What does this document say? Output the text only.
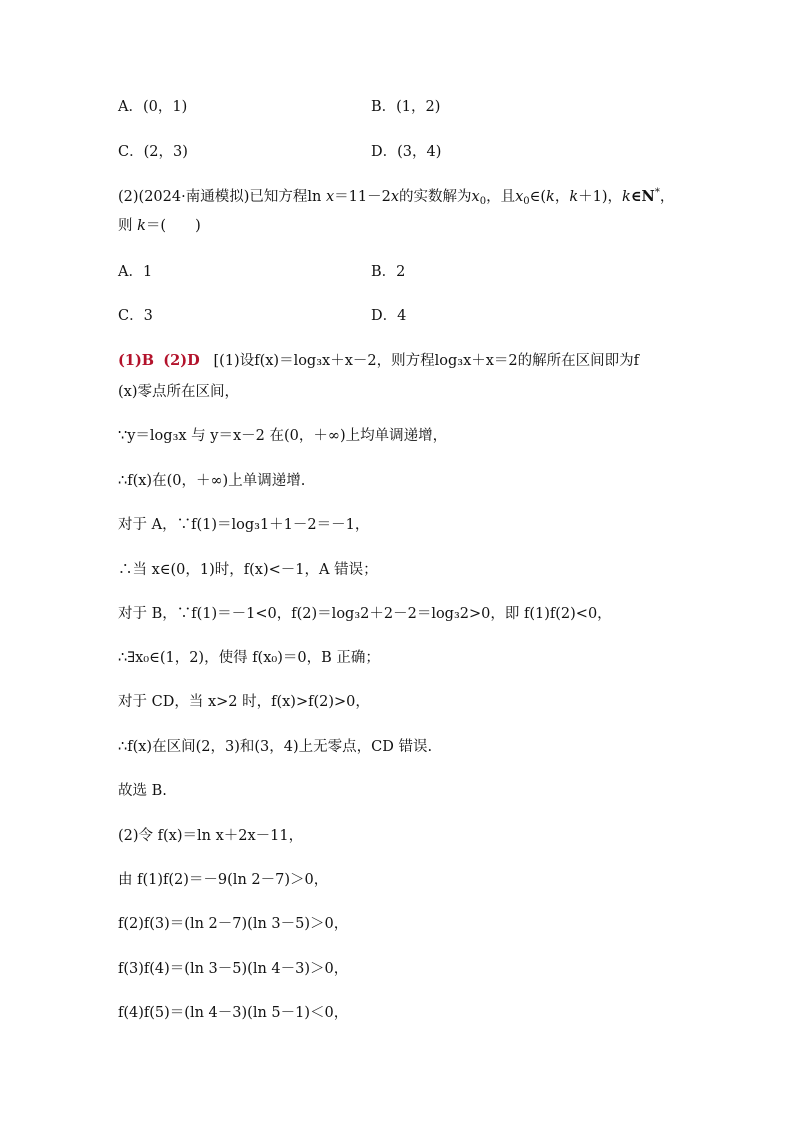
A．(0，1)	B．(1，2)
C．(2，3)	D．(3，4)
(2)(2024·南通模拟)已知方程ln x＝11－2x的实数解为$x_0$，且$x_0\in(k$，k＋1)，k∈N*，
则 k＝(　　)
A．1	B．2
C．3	D．4
(1)B (2)D [(1)设f(x)＝log₃x＋x－2，则方程log₃x＋x＝2的解所在区间即为f
(x)零点所在区间，
∵y＝log₃x 与 y＝x－2 在(0，＋∞)上均单调递增，
∴f(x)在(0，＋∞)上单调递增.
对于 A，∵f(1)＝log₃1＋1－2＝－1，
∴当 x∈(0，1)时，f(x)<－1，A 错误；
对于 B，∵f(1)＝－1<0，f(2)＝log₃2＋2－2＝log₃2>0，即 f(1)f(2)<0，
∴∃x₀∈(1，2)，使得 f(x₀)＝0，B 正确；
对于 CD，当 x>2 时，f(x)>f(2)>0，
∴f(x)在区间(2，3)和(3，4)上无零点，CD 错误.
故选 B.
(2)令 f(x)＝ln x＋2x－11，
由 f(1)f(2)＝－9(ln 2－7)＞0，
f(2)f(3)＝(ln 2－7)(ln 3－5)＞0，
f(3)f(4)＝(ln 3－5)(ln 4－3)＞0，
f(4)f(5)＝(ln 4－3)(ln 5－1)＜0，
